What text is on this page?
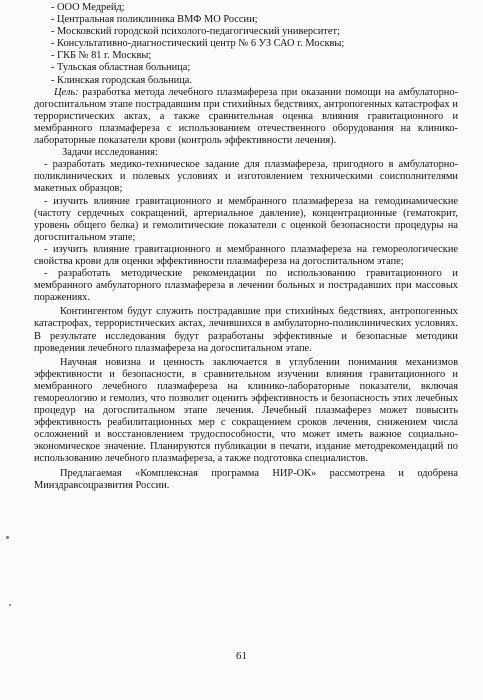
- ООО Медрейд;
- Центральная поликлиника ВМФ МО России;
- Московский городской психолого-педагогический университет;
- Консультативно-диагностический центр № 6 УЗ САО г. Москвы;
- ГКБ № 81 г. Москвы;
- Тульская областная больница;
- Клинская городская больница.

Цель: разработка метода лечебного плазмафереза при оказании помощи на амбулаторно-догоспитальном этапе пострадавшим при стихийных бедствиях, антропогенных катастрофах и террористических актах, а также сравнительная оценка влияния гравитационного и мембранного плазмафереза с использованием отечественного оборудования на клинико-лабораторные показатели крови (контроль эффективности лечения).

Задачи исследования:

- разработать медико-техническое задание для плазмафереза, пригодного в амбулаторно-поликлинических и полевых условиях и изготовлением техническими соисполнителями макетных образцов;

- изучить влияние гравитационного и мембранного плазмафереза на гемодинамические (частоту сердечных сокращений, артериальное давление), концентрационные (гематокрит, уровень общего белка) и гемолитические показатели с оценкой безопасности процедуры на догоспитальном этапе;

- изучить влияние гравитационного и мембранного плазмафереза на гемореологические свойства крови для оценки эффективности плазмафереза на догоспитальном этапе;

- разработать методические рекомендации по использованию гравитационного и мембранного амбулаторного плазмафереза в лечении больных и пострадавших при массовых поражениях.

Контингентом будут служить пострадавшие при стихийных бедствиях, антропогенных катастрофах, террористических актах, лечившихся в амбулаторно-поликлинических условиях. В результате исследования будут разработаны эффективные и безопасные методики проведения лечебного плазмафереза на догоспитальном этапе.

Научная новизна и ценность заключается в углублении понимания механизмов эффективности и безопасности, в сравнительном изучении влияния гравитационного и мембранного лечебного плазмафереза на клинико-лабораторные показатели, включая гемореологию и гемолиз, что позволит оценить эффективность и безопасность этих лечебных процедур на догоспитальном этапе лечения. Лечебный плазмаферез может повысить эффективность реабилитационных мер с сокращением сроков лечения, снижением числа осложнений и восстановлением трудоспособности, что может иметь важное социально-экономическое значение. Планируются публикации в печати, издание методрекомендаций по использованию лечебного плазмафереза, а также подготовка специалистов.

Предлагаемая «Комплексная программа НИР-ОК» рассмотрена и одобрена Минздравсоцразвития России.

61
